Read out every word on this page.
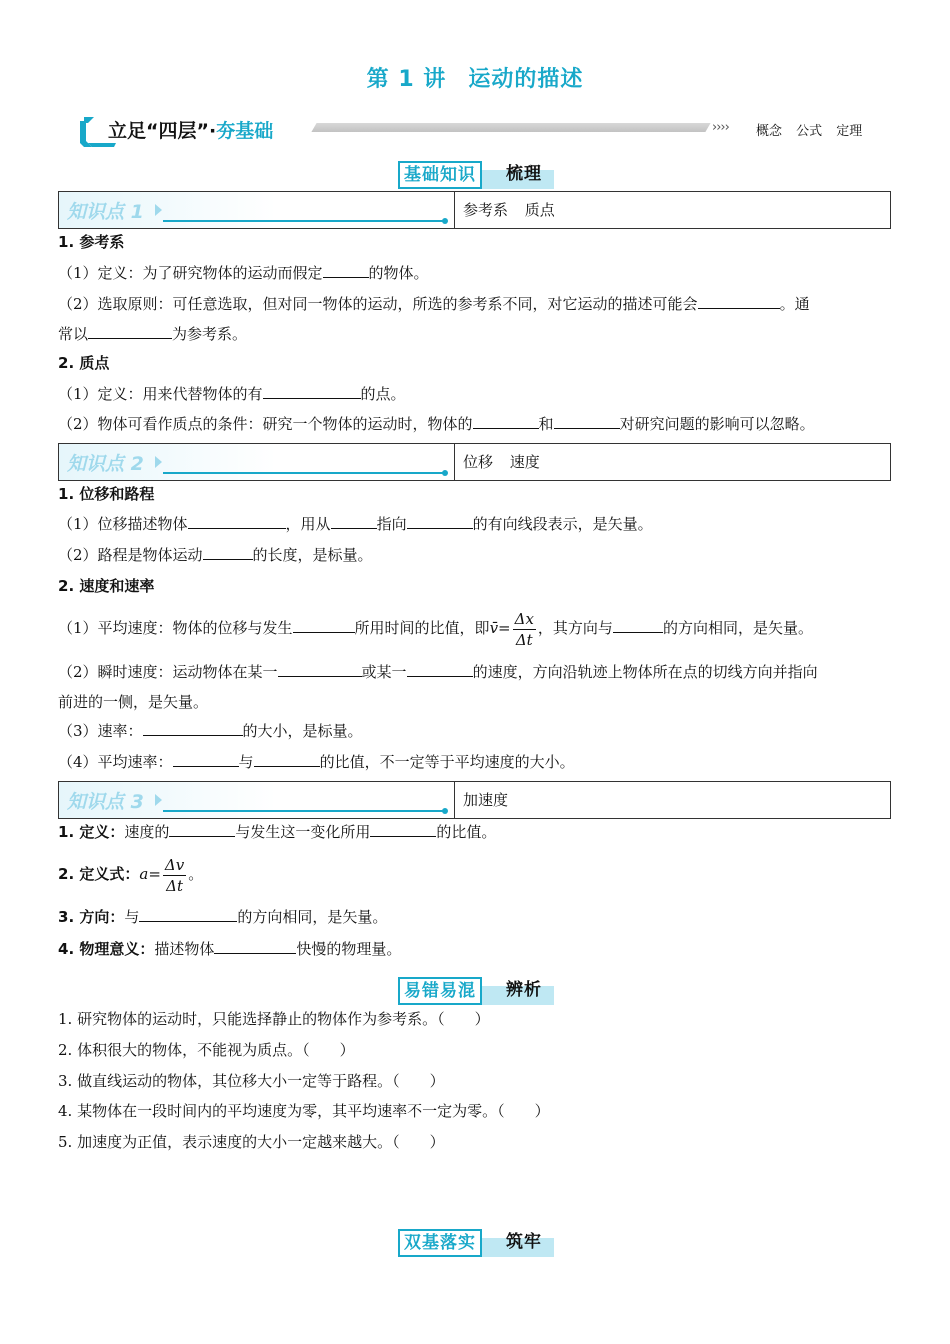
第 1 讲 运动的描述
立足“四层”·夯基础	›››› 概念 公式 定理
基础知识	梳理
知识点 1	参考系 质点
1. 参考系
（1）定义：为了研究物体的运动而假定	的物体。
（2）选取原则：可任意选取，但对同一物体的运动，所选的参考系不同，对它运动的描述可能会	。通
常以	为参考系。
2. 质点
（1）定义：用来代替物体的有	的点。
（2）物体可看作质点的条件：研究一个物体的运动时，物体的	和	对研究问题的影响可以忽略。
知识点 2	位移 速度
1. 位移和路程
（1）位移描述物体	，用从	指向	的有向线段表示，是矢量。
（2）路程是物体运动	的长度，是标量。
2. 速度和速率
（1）平均速度：物体的位移与发生	所用时间的比值，即v̄= $\frac{\Delta x}{\Delta t}$ ，其方向与	的方向相同，是矢量。
（2）瞬时速度：运动物体在某一	或某一	的速度，方向沿轨迹上物体所在点的切线方向并指向
前进的一侧，是矢量。
（3）速率：	的大小，是标量。
（4）平均速率：	与	的比值，不一定等于平均速度的大小。
知识点 3	加速度
1. 定义：速度的	与发生这一变化所用	的比值。
2. 定义式：$a= \frac{\Delta v}{\Delta t}$ 。
3. 方向：与	的方向相同，是矢量。
4. 物理意义：描述物体	快慢的物理量。
易错易混	辨析
1. 研究物体的运动时，只能选择静止的物体作为参考系。（　　）
2. 体积很大的物体，不能视为质点。（　　）
3. 做直线运动的物体，其位移大小一定等于路程。（　　）
4. 某物体在一段时间内的平均速度为零，其平均速率不一定为零。（　　）
5. 加速度为正值，表示速度的大小一定越来越大。（　　）
双基落实	筑牢
